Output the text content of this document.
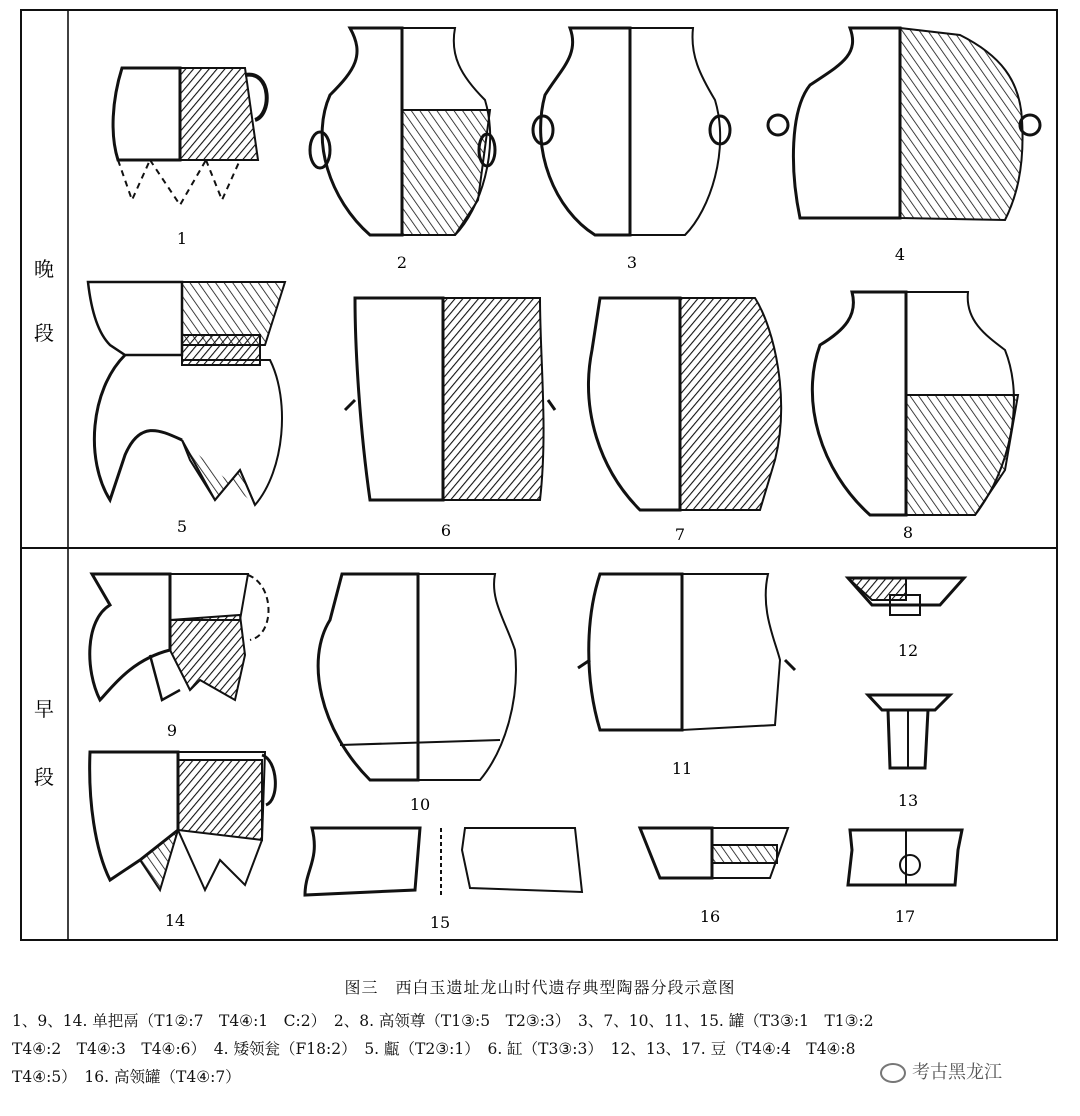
晚
段
早
段
1
2	3	4
5	6	7	8
9
10
11
12
13
14	15	16	17
图三　西白玉遗址龙山时代遗存典型陶器分段示意图
1、9、14. 单把鬲（T1②:7　T4④:1　C:2）　2、8. 高领尊（T1③:5　T2③:3）　3、7、10、11、15. 罐（T3③:1　T1③:2
T4④:2　T4④:3　T4④:6）　4. 矮领瓮（F18:2）　5. 甗（T2③:1）　6. 缸（T3③:3）　12、13、17. 豆（T4④:4　T4④:8
T4④:5）　16. 高领罐（T4④:7）	考古黑龙江
